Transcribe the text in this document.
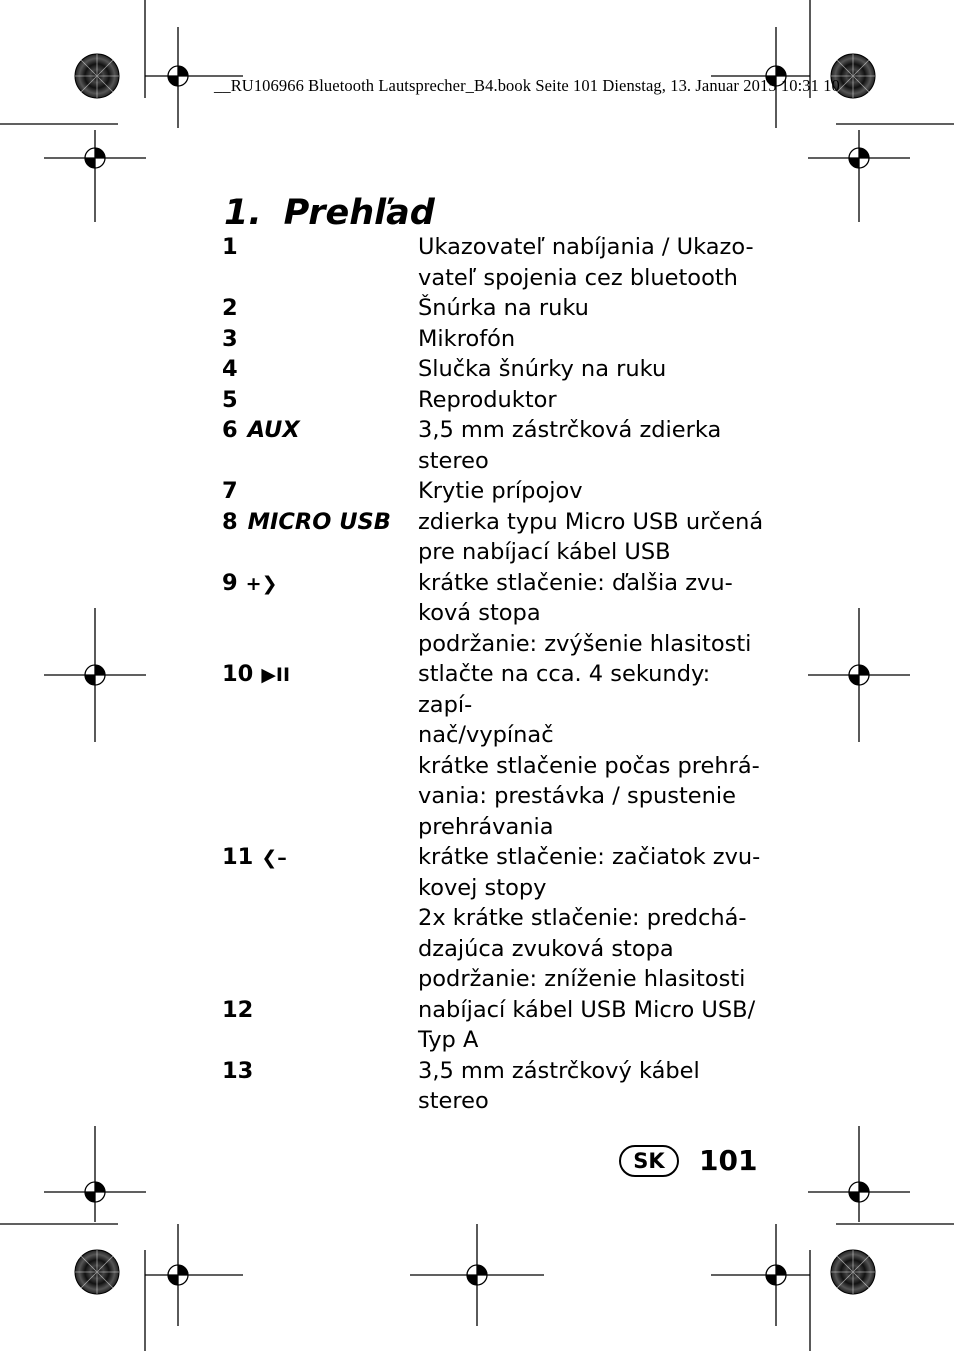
__RU106966 Bluetooth Lautsprecher_B4.book Seite 101 Dienstag, 13. Januar 2015 10:31 10
1. Prehľad
1	Ukazovateľ nabíjania / Ukazo-
vateľ spojenia cez bluetooth
2	Šnúrka na ruku
3	Mikrofón
4	Slučka šnúrky na ruku
5	Reproduktor
6 AUX	3,5 mm zástrčková zdierka
stereo
7	Krytie prípojov
8 MICRO USB	zdierka typu Micro USB určená
pre nabíjací kábel USB
9 +❯	krátke stlačenie: ďalšia zvu-
ková stopa
podržanie: zvýšenie hlasitosti
10 ▶II	stlačte na cca. 4 sekundy: zapí-
nač/vypínač
krátke stlačenie počas prehrá-
vania: prestávka / spustenie
prehrávania
11 ❮–	krátke stlačenie: začiatok zvu-
kovej stopy
2x krátke stlačenie: predchá-
dzajúca zvuková stopa
podržanie: zníženie hlasitosti
12	nabíjací kábel USB Micro USB/
Typ A
13	3,5 mm zástrčkový kábel stereo
SK	101
